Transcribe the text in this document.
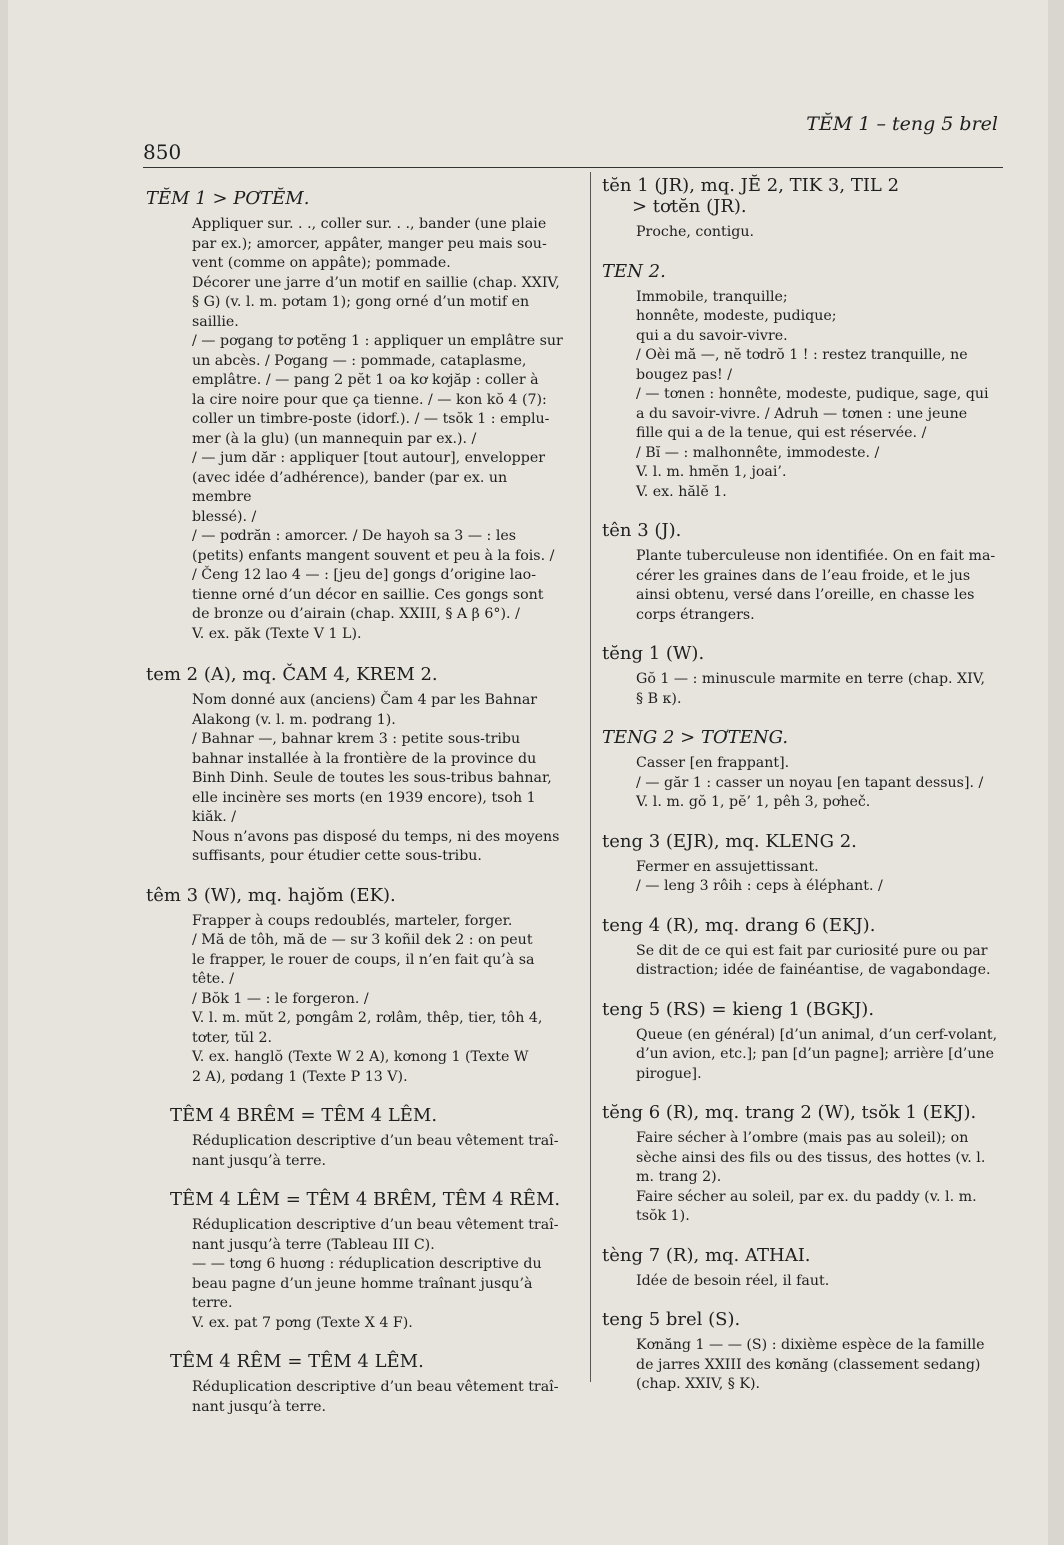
850
TĔM 1 – teng 5 brel
TĔM 1 > PƠTĔM.
Appliquer sur. . ., coller sur. . ., bander (une plaie
par ex.); amorcer, appâter, manger peu mais sou-
vent (comme on appâte); pommade.
Décorer une jarre d’un motif en saillie (chap. XXIV,
§ G) (v. l. m. pơtam 1); gong orné d’un motif en
saillie.
/ — pơgang tơ pơtĕng 1 : appliquer un emplâtre sur
un abcès. / Pơgang — : pommade, cataplasme,
emplâtre. / — pang 2 pĕt 1 oa kơ kơjăp : coller à
la cire noire pour que ça tienne. / — kon kŏ 4 (7):
coller un timbre-poste (idorf.). / — tsŏk 1 : emplu-
mer (à la glu) (un mannequin par ex.). /
/ — jum dăr : appliquer [tout autour], envelopper
(avec idée d’adhérence), bander (par ex. un membre
blessé). /
/ — pơdrăn : amorcer. / De hayoh sa 3 — : les
(petits) enfants mangent souvent et peu à la fois. /
/ Čeng 12 lao 4 — : [jeu de] gongs d’origine lao-
tienne orné d’un décor en saillie. Ces gongs sont
de bronze ou d’airain (chap. XXIII, § A β 6°). /
V. ex. păk (Texte V 1 L).
tem 2 (A), mq. ČAM 4, KREM 2.
Nom donné aux (anciens) Čam 4 par les Bahnar
Alakong (v. l. m. pơdrang 1).
/ Bahnar —, bahnar krem 3 : petite sous-tribu
bahnar installée à la frontière de la province du
Binh Dinh. Seule de toutes les sous-tribus bahnar,
elle incinère ses morts (en 1939 encore), tsoh 1
kiăk. /
Nous n’avons pas disposé du temps, ni des moyens
suffisants, pour étudier cette sous-tribu.
têm 3 (W), mq. hajŏm (EK).
Frapper à coups redoublés, marteler, forger.
/ Mă de tôh, mă de — sư 3 koñil dek 2 : on peut
le frapper, le rouer de coups, il n’en fait qu’à sa
tête. /
/ Bŏk 1 — : le forgeron. /
V. l. m. mŭt 2, pơngâm 2, rơlâm, thêp, tier, tôh 4,
tơter, tŭl 2.
V. ex. hanglŏ (Texte W 2 A), kơnong 1 (Texte W
2 A), pơdang 1 (Texte P 13 V).
TÊM 4 BRÊM = TÊM 4 LÊM.
Réduplication descriptive d’un beau vêtement traî-
nant jusqu’à terre.
TÊM 4 LÊM = TÊM 4 BRÊM, TÊM 4 RÊM.
Réduplication descriptive d’un beau vêtement traî-
nant jusqu’à terre (Tableau III C).
— — tơng 6 huơng : réduplication descriptive du
beau pagne d’un jeune homme traînant jusqu’à
terre.
V. ex. pat 7 pơng (Texte X 4 F).
TÊM 4 RÊM = TÊM 4 LÊM.
Réduplication descriptive d’un beau vêtement traî-
nant jusqu’à terre.
tĕn 1 (JR), mq. JĔ 2, TIK 3, TIL 2
> tơtĕn (JR).
Proche, contigu.
TEN 2.
Immobile, tranquille;
honnête, modeste, pudique;
qui a du savoir-vivre.
/ Oèi mă —, nĕ tơdrŏ 1 ! : restez tranquille, ne
bougez pas! /
/ — tơnen : honnête, modeste, pudique, sage, qui
a du savoir-vivre. / Adruh — tơnen : une jeune
fille qui a de la tenue, qui est réservée. /
/ Bĭ — : malhonnête, immodeste. /
V. l. m. hmĕn 1, joai’.
V. ex. hălĕ 1.
tên 3 (J).
Plante tuberculeuse non identifiée. On en fait ma-
cérer les graines dans de l’eau froide, et le jus
ainsi obtenu, versé dans l’oreille, en chasse les
corps étrangers.
tĕng 1 (W).
Gŏ 1 — : minuscule marmite en terre (chap. XIV,
§ B κ).
TENG 2 > TƠTENG.
Casser [en frappant].
/ — găr 1 : casser un noyau [en tapant dessus]. /
V. l. m. gŏ 1, pĕ’ 1, pêh 3, pơheč.
teng 3 (EJR), mq. KLENG 2.
Fermer en assujettissant.
/ — leng 3 rôih : ceps à éléphant. /
teng 4 (R), mq. drang 6 (EKJ).
Se dit de ce qui est fait par curiosité pure ou par
distraction; idée de fainéantise, de vagabondage.
teng 5 (RS) = kieng 1 (BGKJ).
Queue (en général) [d’un animal, d’un cerf-volant,
d’un avion, etc.]; pan [d’un pagne]; arrière [d’une
pirogue].
tĕng 6 (R), mq. trang 2 (W), tsŏk 1 (EKJ).
Faire sécher à l’ombre (mais pas au soleil); on
sèche ainsi des fils ou des tissus, des hottes (v. l.
m. trang 2).
Faire sécher au soleil, par ex. du paddy (v. l. m.
tsŏk 1).
tèng 7 (R), mq. ATHAI.
Idée de besoin réel, il faut.
teng 5 brel (S).
Kơnăng 1 — — (S) : dixième espèce de la famille
de jarres XXIII des kơnăng (classement sedang)
(chap. XXIV, § K).
